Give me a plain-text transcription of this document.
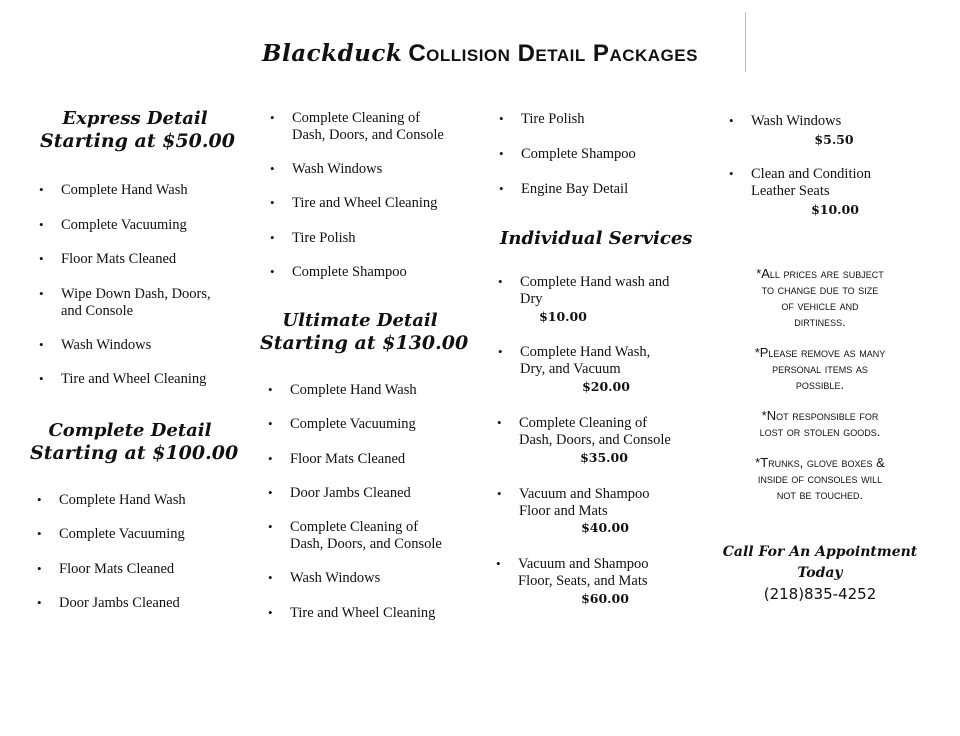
Blackduck Collision Detail Packages
Express Detail
Starting at $50.00
• Complete Hand Wash
• Complete Vacuuming
• Floor Mats Cleaned
• Wipe Down Dash, Doors,
and Console
• Wash Windows
• Tire and Wheel Cleaning
Complete Detail
Starting at $100.00
• Complete Hand Wash
• Complete Vacuuming
• Floor Mats Cleaned
• Door Jambs Cleaned
• Complete Cleaning of
Dash, Doors, and Console
• Wash Windows
• Tire and Wheel Cleaning
• Tire Polish
• Complete Shampoo
Ultimate Detail
Starting at $130.00
• Complete Hand Wash
• Complete Vacuuming
• Floor Mats Cleaned
• Door Jambs Cleaned
• Complete Cleaning of
Dash, Doors, and Console
• Wash Windows
• Tire and Wheel Cleaning
• Tire Polish
• Complete Shampoo
• Engine Bay Detail
Individual Services
• Complete Hand wash and
Dry
$10.00
• Complete Hand Wash,
Dry, and Vacuum
$20.00
• Complete Cleaning of
Dash, Doors, and Console
$35.00
• Vacuum and Shampoo
Floor and Mats
$40.00
• Vacuum and Shampoo
Floor, Seats, and Mats
$60.00
• Wash Windows
$5.50
• Clean and Condition
Leather Seats
$10.00
*All prices are subject
to change due to size
of vehicle and
dirtiness.
*Please remove as many
personal items as
possible.
*Not responsible for
lost or stolen goods.
*Trunks, glove boxes &
inside of consoles will
not be touched.
Call For An Appointment
Today
(218)835-4252
